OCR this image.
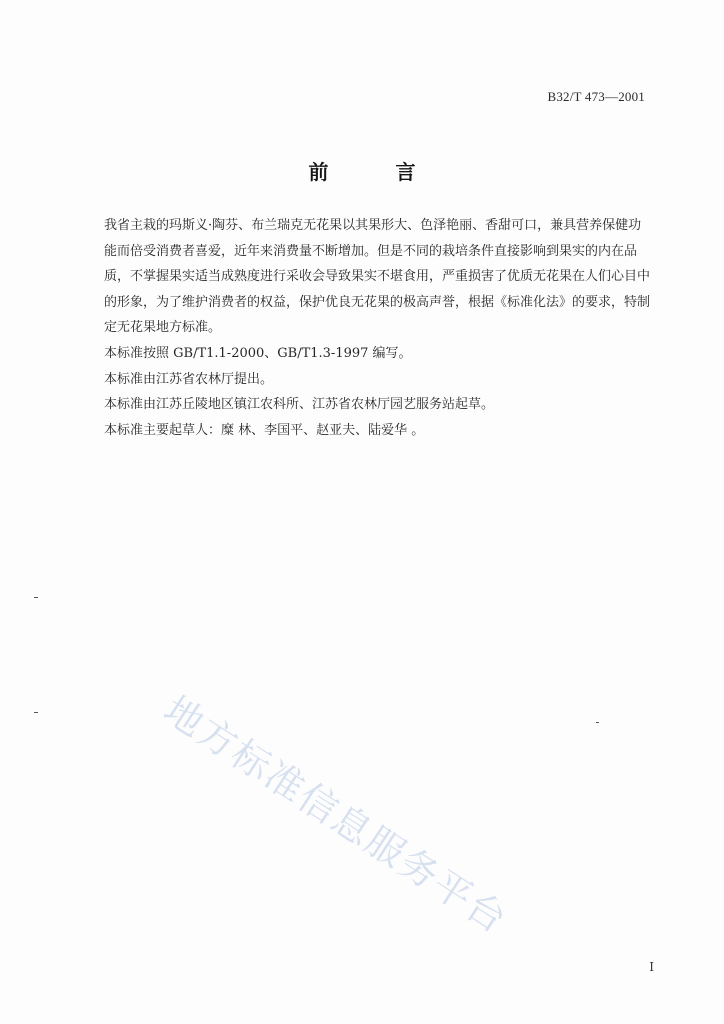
B32/T 473—2001
前 言

我省主栽的玛斯义·陶芬、布兰瑞克无花果以其果形大、色泽艳丽、香甜可口，兼具营养保健功能而倍受消费者喜爱，近年来消费量不断增加。但是不同的栽培条件直接影响到果实的内在品质，不掌握果实适当成熟度进行采收会导致果实不堪食用，严重损害了优质无花果在人们心目中的形象，为了维护消费者的权益，保护优良无花果的极高声誉，根据《标准化法》的要求，特制定无花果地方标准。

本标准按照 GB/T1.1-2000、GB/T1.3-1997 编写。

本标准由江苏省农林厅提出。

本标准由江苏丘陵地区镇江农科所、江苏省农林厅园艺服务站起草。

本标准主要起草人：糜 林、李国平、赵亚夫、陆爱华 。

地方标准信息服务平台
I
